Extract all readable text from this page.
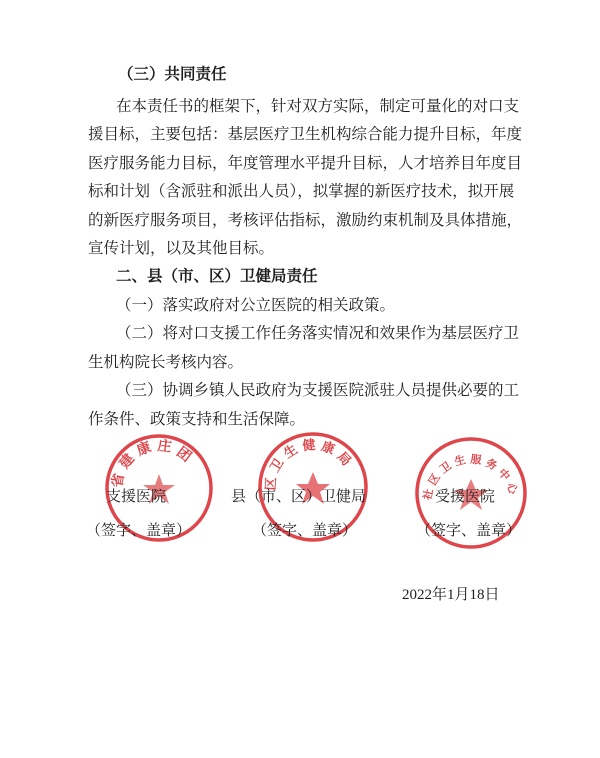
（三）共同责任
在本责任书的框架下，针对双方实际，制定可量化的对口支
援目标，主要包括：基层医疗卫生机构综合能力提升目标，年度
医疗服务能力目标，年度管理水平提升目标，人才培养目年度目
标和计划（含派驻和派出人员），拟掌握的新医疗技术，拟开展
的新医疗服务项目，考核评估指标，激励约束机制及具体措施，
宣传计划，以及其他目标。
二、县（市、区）卫健局责任
（一）落实政府对公立医院的相关政策。
（二）将对口支援工作任务落实情况和效果作为基层医疗卫
生机构院长考核内容。
（三）协调乡镇人民政府为支援医院派驻人员提供必要的工
作条件、政策支持和生活保障。
省 建 康 庄 团
区 卫 生 健 康 局
社 区 卫 生 服 务 中 心
支援医院
（签字、盖章）
县（市、区）卫健局
（签字、盖章）
受援医院
（签字、盖章）
2022年1月18日
